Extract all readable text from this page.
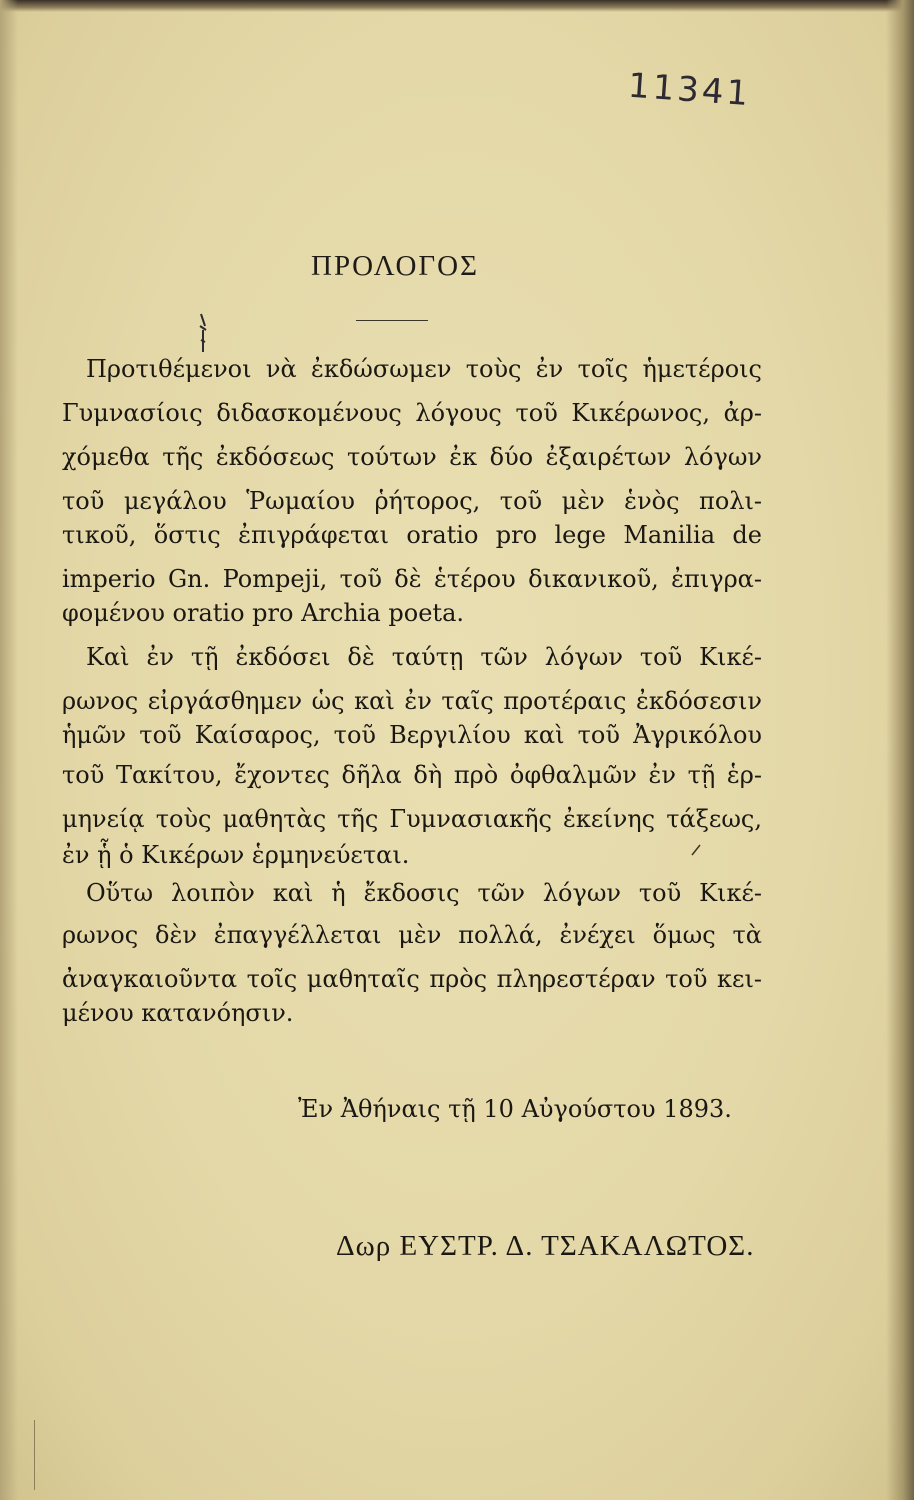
11341
ΠΡΟΛΟΓΟΣ
Προτιθέμενοι νὰ ἐκδώσωμεν τοὺς ἐν τοῖς ἡμετέροις
Γυμνασίοις διδασκομένους λόγους τοῦ Κικέρωνος, ἀρ-
χόμεθα τῆς ἐκδόσεως τούτων ἐκ δύο ἐξαιρέτων λόγων
τοῦ μεγάλου Ῥωμαίου ῥήτορος, τοῦ μὲν ἑνὸς πολι-
τικοῦ, ὅστις ἐπιγράφεται oratio pro lege Manilia de
imperio Gn. Pompeji, τοῦ δὲ ἑτέρου δικανικοῦ, ἐπιγρα-
φομένου oratio pro Archia poeta.
Καὶ ἐν τῇ ἐκδόσει δὲ ταύτῃ τῶν λόγων τοῦ Κικέ-
ρωνος εἰργάσθημεν ὡς καὶ ἐν ταῖς προτέραις ἐκδόσεσιν
ἡμῶν τοῦ Καίσαρος, τοῦ Βεργιλίου καὶ τοῦ Ἀγρικόλου
τοῦ Τακίτου, ἔχοντες δῆλα δὴ πρὸ ὀφθαλμῶν ἐν τῇ ἑρ-
μηνείᾳ τοὺς μαθητὰς τῆς Γυμνασιακῆς ἐκείνης τάξεως,
ἐν ᾗ ὁ Κικέρων ἑρμηνεύεται.
Οὕτω λοιπὸν καὶ ἡ ἔκδοσις τῶν λόγων τοῦ Κικέ-
ρωνος δὲν ἐπαγγέλλεται μὲν πολλά, ἐνέχει ὅμως τὰ
ἀναγκαιοῦντα τοῖς μαθηταῖς πρὸς πληρεστέραν τοῦ κει-
μένου κατανόησιν.
Ἐν Ἀθήναις τῇ 10 Αὐγούστου 1893.
Δωρ ΕΥΣΤΡ. Δ. ΤΣΑΚΑΛΩΤΟΣ.
